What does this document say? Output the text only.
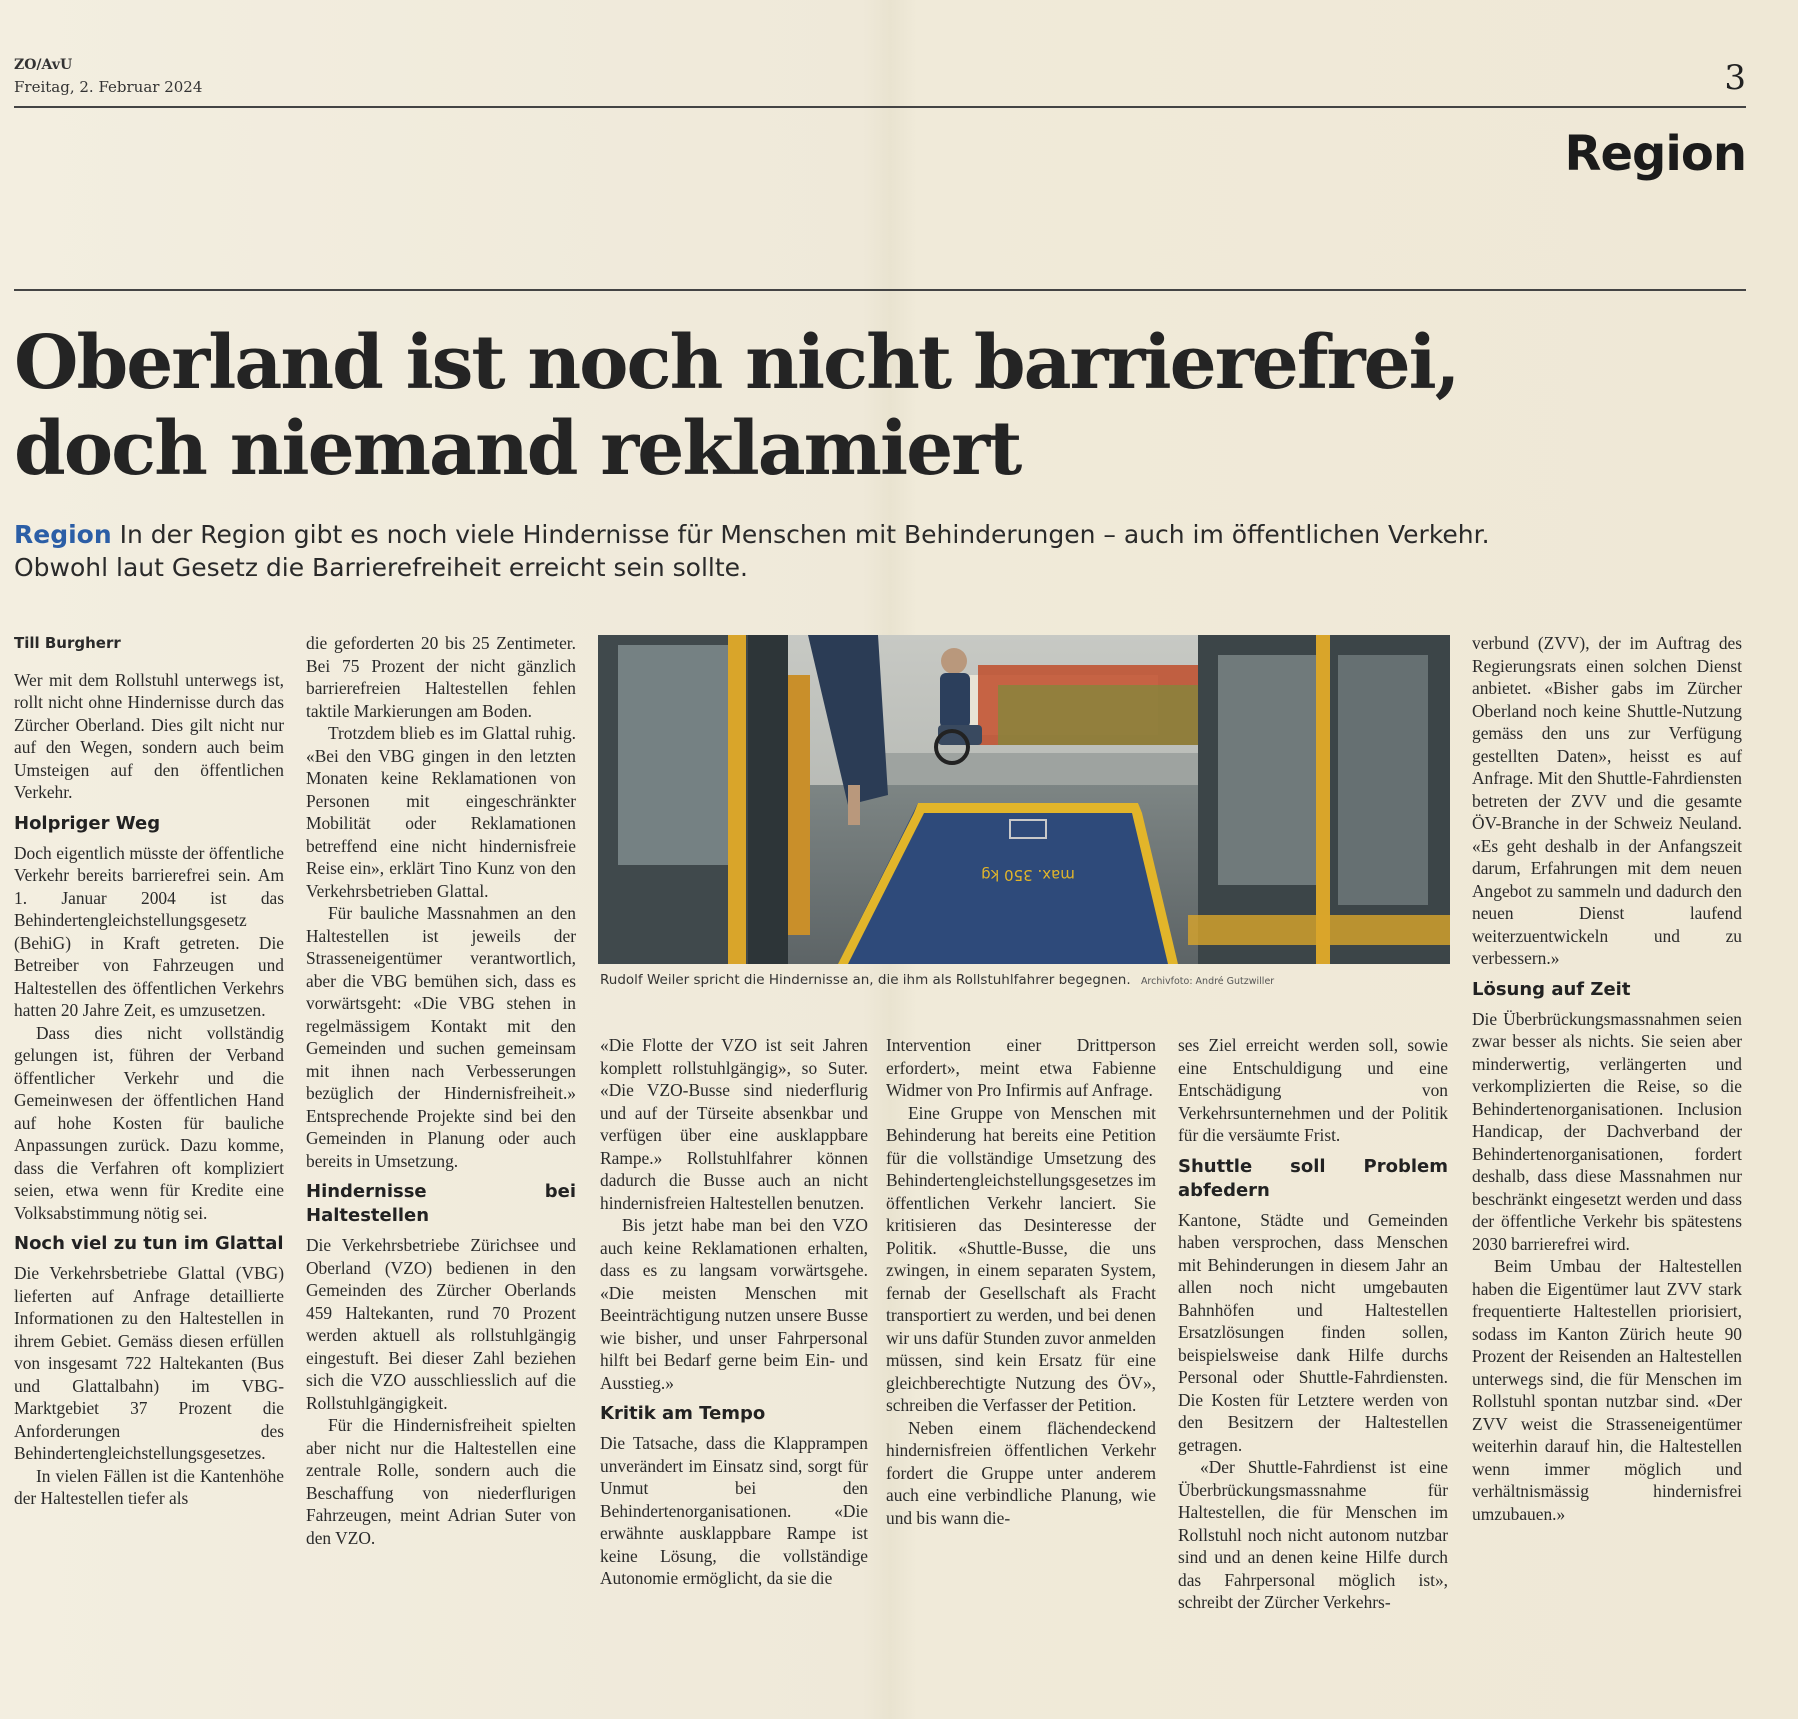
ZO/AvU
Freitag, 2. Februar 2024	3
Region
Oberland ist noch nicht barrierefrei,
doch niemand reklamiert
Region In der Region gibt es noch viele Hindernisse für Menschen mit Behinderungen – auch im öffentlichen Verkehr. Obwohl laut Gesetz die Barrierefreiheit erreicht sein sollte.

Till Burgherr

Wer mit dem Rollstuhl unterwegs ist, rollt nicht ohne Hindernisse durch das Zürcher Oberland. Dies gilt nicht nur auf den Wegen, sondern auch beim Umsteigen auf den öffentlichen Verkehr.

Holpriger Weg

Doch eigentlich müsste der öffentliche Verkehr bereits barrierefrei sein. Am 1. Januar 2004 ist das Behindertengleichstellungsgesetz (BehiG) in Kraft getreten. Die Betreiber von Fahrzeugen und Haltestellen des öffentlichen Verkehrs hatten 20 Jahre Zeit, es umzusetzen.

Dass dies nicht vollständig gelungen ist, führen der Verband öffentlicher Verkehr und die Gemeinwesen der öffentlichen Hand auf hohe Kosten für bauliche Anpassungen zurück. Dazu komme, dass die Verfahren oft kompliziert seien, etwa wenn für Kredite eine Volksabstimmung nötig sei.

Noch viel zu tun im Glattal

Die Verkehrsbetriebe Glattal (VBG) lieferten auf Anfrage detaillierte Informationen zu den Haltestellen in ihrem Gebiet. Gemäss diesen erfüllen von insgesamt 722 Haltekanten (Bus und Glattalbahn) im VBG-Marktgebiet 37 Prozent die Anforderungen des Behindertengleichstellungsgesetzes.

In vielen Fällen ist die Kantenhöhe der Haltestellen tiefer als

die geforderten 20 bis 25 Zentimeter. Bei 75 Prozent der nicht gänzlich barrierefreien Haltestellen fehlen taktile Markierungen am Boden.

Trotzdem blieb es im Glattal ruhig. «Bei den VBG gingen in den letzten Monaten keine Reklamationen von Personen mit eingeschränkter Mobilität oder Reklamationen betreffend eine nicht hindernisfreie Reise ein», erklärt Tino Kunz von den Verkehrsbetrieben Glattal.

Für bauliche Massnahmen an den Haltestellen ist jeweils der Strasseneigentümer verantwortlich, aber die VBG bemühen sich, dass es vorwärtsgeht: «Die VBG stehen in regelmässigem Kontakt mit den Gemeinden und suchen gemeinsam mit ihnen nach Verbesserungen bezüglich der Hindernisfreiheit.» Entsprechende Projekte sind bei den Gemeinden in Planung oder auch bereits in Umsetzung.

Hindernisse bei Haltestellen

Die Verkehrsbetriebe Zürichsee und Oberland (VZO) bedienen in den Gemeinden des Zürcher Oberlands 459 Haltekanten, rund 70 Prozent werden aktuell als rollstuhlgängig eingestuft. Bei dieser Zahl beziehen sich die VZO ausschliesslich auf die Rollstuhlgängigkeit.

Für die Hindernisfreiheit spielten aber nicht nur die Haltestellen eine zentrale Rolle, sondern auch die Beschaffung von niederflurigen Fahrzeugen, meint Adrian Suter von den VZO.

max. 350 kg
Rudolf Weiler spricht die Hindernisse an, die ihm als Rollstuhlfahrer begegnen. Archivfoto: André Gutzwiller

«Die Flotte der VZO ist seit Jahren komplett rollstuhlgängig», so Suter. «Die VZO-Busse sind niederflurig und auf der Türseite absenkbar und verfügen über eine ausklappbare Rampe.» Rollstuhlfahrer können dadurch die Busse auch an nicht hindernisfreien Haltestellen benutzen.

Bis jetzt habe man bei den VZO auch keine Reklamationen erhalten, dass es zu langsam vorwärtsgehe. «Die meisten Menschen mit Beeinträchtigung nutzen unsere Busse wie bisher, und unser Fahrpersonal hilft bei Bedarf gerne beim Ein- und Ausstieg.»

Kritik am Tempo

Die Tatsache, dass die Klapprampen unverändert im Einsatz sind, sorgt für Unmut bei den Behindertenorganisationen. «Die erwähnte ausklappbare Rampe ist keine Lösung, die vollständige Autonomie ermöglicht, da sie die

Intervention einer Drittperson erfordert», meint etwa Fabienne Widmer von Pro Infirmis auf Anfrage.

Eine Gruppe von Menschen mit Behinderung hat bereits eine Petition für die vollständige Umsetzung des Behindertengleichstellungsgesetzes im öffentlichen Verkehr lanciert. Sie kritisieren das Desinteresse der Politik. «Shuttle-Busse, die uns zwingen, in einem separaten System, fernab der Gesellschaft als Fracht transportiert zu werden, und bei denen wir uns dafür Stunden zuvor anmelden müssen, sind kein Ersatz für eine gleichberechtigte Nutzung des ÖV», schreiben die Verfasser der Petition.

Neben einem flächendeckend hindernisfreien öffentlichen Verkehr fordert die Gruppe unter anderem auch eine verbindliche Planung, wie und bis wann die-

ses Ziel erreicht werden soll, sowie eine Entschuldigung und eine Entschädigung von Verkehrsunternehmen und der Politik für die versäumte Frist.

Shuttle soll Problem abfedern

Kantone, Städte und Gemeinden haben versprochen, dass Menschen mit Behinderungen in diesem Jahr an allen noch nicht umgebauten Bahnhöfen und Haltestellen Ersatzlösungen finden sollen, beispielsweise dank Hilfe durchs Personal oder Shuttle-Fahrdiensten. Die Kosten für Letztere werden von den Besitzern der Haltestellen getragen.

«Der Shuttle-Fahrdienst ist eine Überbrückungsmassnahme für Haltestellen, die für Menschen im Rollstuhl noch nicht autonom nutzbar sind und an denen keine Hilfe durch das Fahrpersonal möglich ist», schreibt der Zürcher Verkehrs-

verbund (ZVV), der im Auftrag des Regierungsrats einen solchen Dienst anbietet. «Bisher gabs im Zürcher Oberland noch keine Shuttle-Nutzung gemäss den uns zur Verfügung gestellten Daten», heisst es auf Anfrage. Mit den Shuttle-Fahrdiensten betreten der ZVV und die gesamte ÖV-Branche in der Schweiz Neuland. «Es geht deshalb in der Anfangszeit darum, Erfahrungen mit dem neuen Angebot zu sammeln und dadurch den neuen Dienst laufend weiterzuentwickeln und zu verbessern.»

Lösung auf Zeit

Die Überbrückungsmassnahmen seien zwar besser als nichts. Sie seien aber minderwertig, verlängerten und verkomplizierten die Reise, so die Behindertenorganisationen. Inclusion Handicap, der Dachverband der Behindertenorganisationen, fordert deshalb, dass diese Massnahmen nur beschränkt eingesetzt werden und dass der öffentliche Verkehr bis spätestens 2030 barrierefrei wird.

Beim Umbau der Haltestellen haben die Eigentümer laut ZVV stark frequentierte Haltestellen priorisiert, sodass im Kanton Zürich heute 90 Prozent der Reisenden an Haltestellen unterwegs sind, die für Menschen im Rollstuhl spontan nutzbar sind. «Der ZVV weist die Strasseneigentümer weiterhin darauf hin, die Haltestellen wenn immer möglich und verhältnismässig hindernisfrei umzubauen.»
